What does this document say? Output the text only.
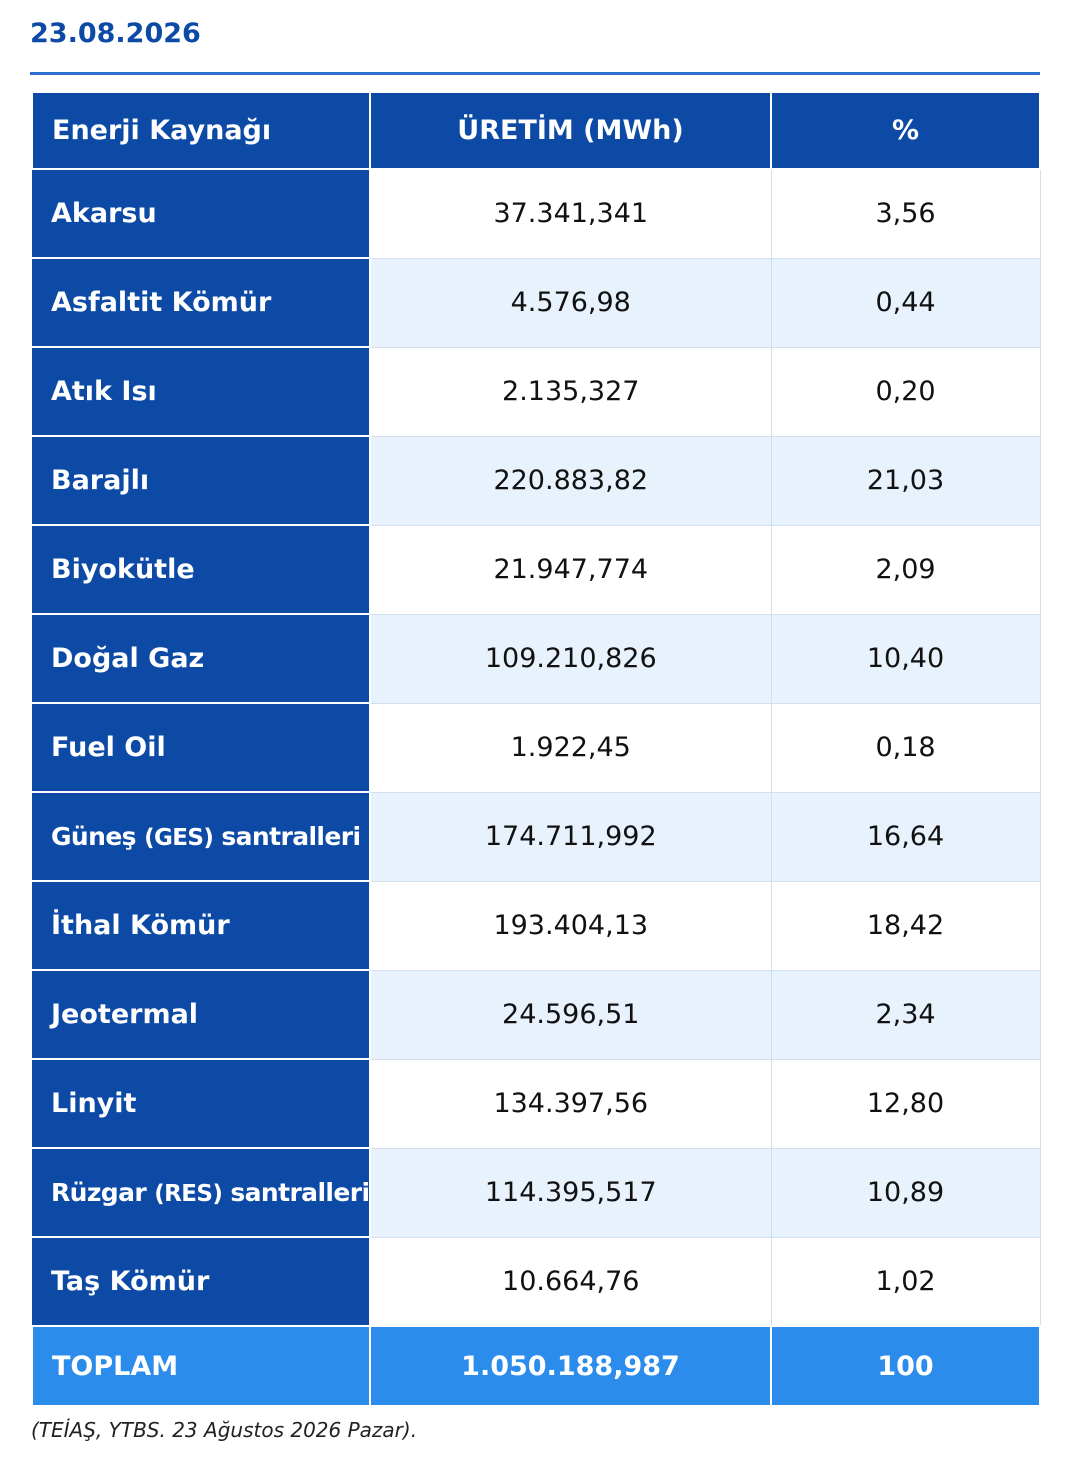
23.08.2026
Enerji Kaynağı	ÜRETİM (MWh)	%
Akarsu	37.341,341	3,56
Asfaltit Kömür	4.576,98	0,44
Atık Isı	2.135,327	0,20
Barajlı	220.883,82	21,03
Biyokütle	21.947,774	2,09
Doğal Gaz	109.210,826	10,40
Fuel Oil	1.922,45	0,18
Güneş (GES) santralleri	174.711,992	16,64
İthal Kömür	193.404,13	18,42
Jeotermal	24.596,51	2,34
Linyit	134.397,56	12,80
Rüzgar (RES) santralleri	114.395,517	10,89
Taş Kömür	10.664,76	1,02
TOPLAM	1.050.188,987	100
(TEİAŞ, YTBS. 23 Ağustos 2026 Pazar).
